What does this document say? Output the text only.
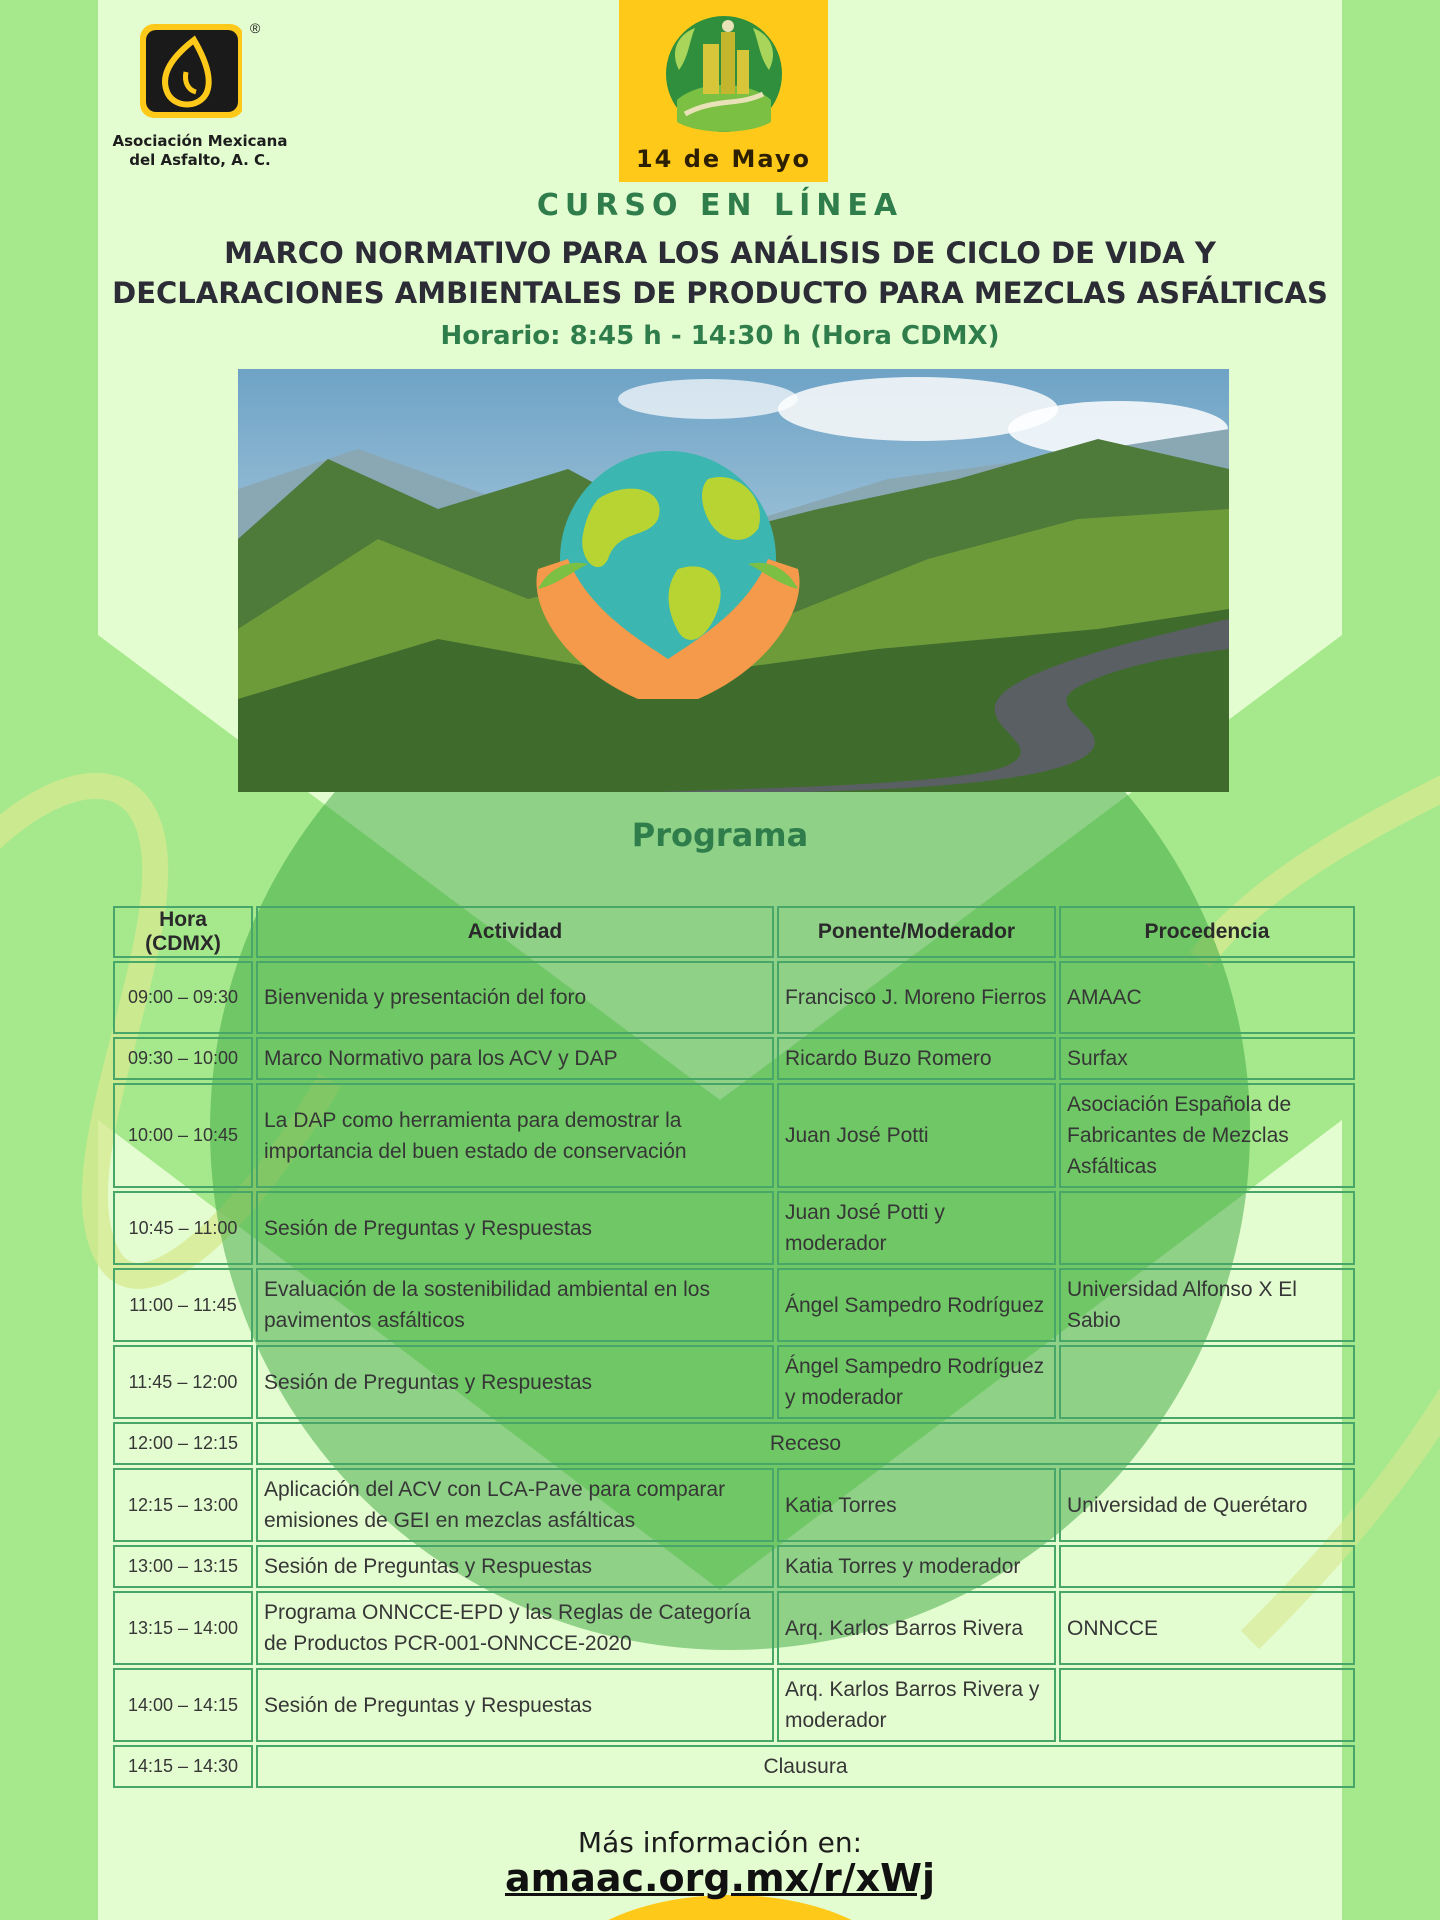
®
Asociación Mexicana
del Asfalto, A. C.	14 de Mayo
CURSO EN LÍNEA
MARCO NORMATIVO PARA LOS ANÁLISIS DE CICLO DE VIDA Y
DECLARACIONES AMBIENTALES DE PRODUCTO PARA MEZCLAS ASFÁLTICAS
Horario: 8:45 h - 14:30 h (Hora CDMX)
Programa
Hora (CDMX)	Actividad	Ponente/Moderador	Procedencia
09:00 – 09:30	Bienvenida y presentación del foro	Francisco J. Moreno Fierros	AMAAC
09:30 – 10:00	Marco Normativo para los ACV y DAP	Ricardo Buzo Romero	Surfax
10:00 – 10:45	La DAP como herramienta para demostrar la importancia del buen estado de conservación	Juan José Potti	Asociación Española de Fabricantes de Mezclas Asfálticas
10:45 – 11:00	Sesión de Preguntas y Respuestas	Juan José Potti y moderador	
11:00 – 11:45	Evaluación de la sostenibilidad ambiental en los pavimentos asfálticos	Ángel Sampedro Rodríguez	Universidad Alfonso X El Sabio
11:45 – 12:00	Sesión de Preguntas y Respuestas	Ángel Sampedro Rodríguez y moderador	
12:00 – 12:15	Receso		
12:15 – 13:00	Aplicación del ACV con LCA-Pave para comparar emisiones de GEI en mezclas asfálticas	Katia Torres	Universidad de Querétaro
13:00 – 13:15	Sesión de Preguntas y Respuestas	Katia Torres y moderador	
13:15 – 14:00	Programa ONNCCE-EPD y las Reglas de Categoría de Productos PCR-001-ONNCCE-2020	Arq. Karlos Barros Rivera	ONNCCE
14:00 – 14:15	Sesión de Preguntas y Respuestas	Arq. Karlos Barros Rivera y moderador	
14:15 – 14:30	Clausura		
Más información en:
amaac.org.mx/r/xWj
